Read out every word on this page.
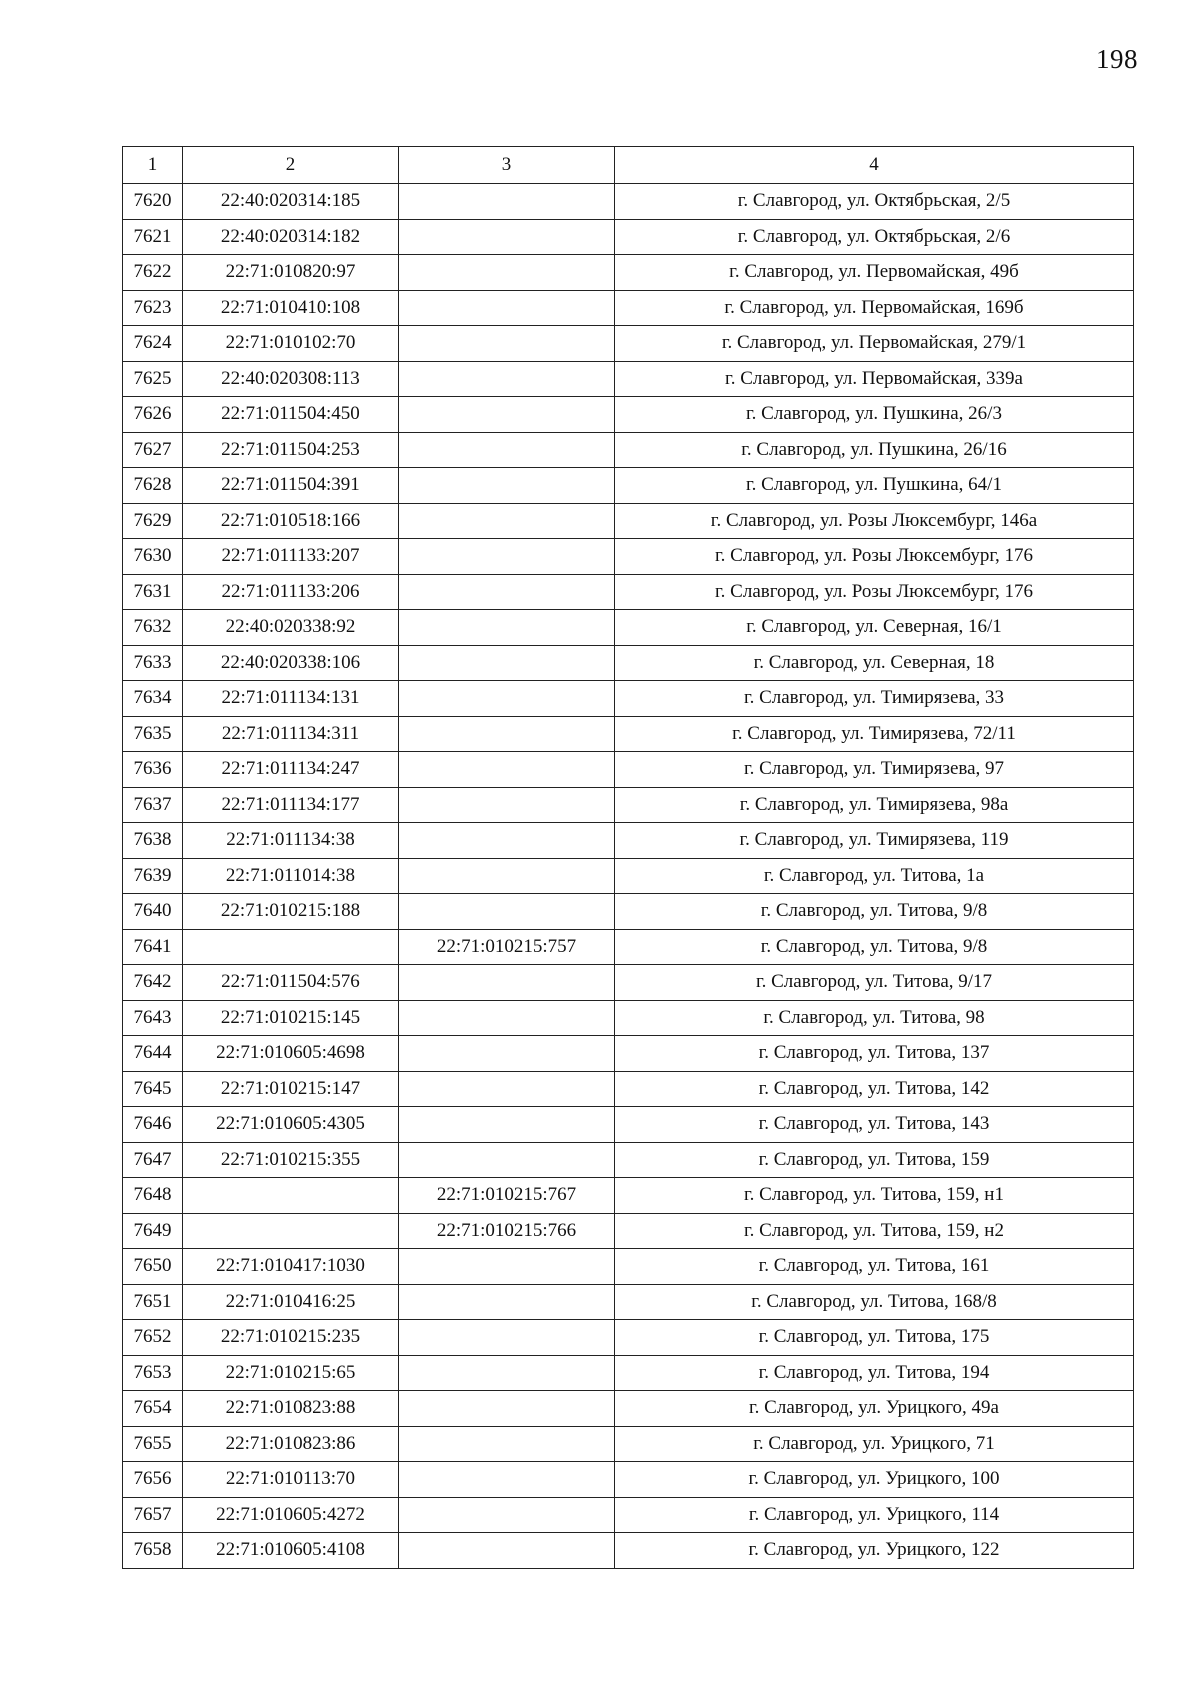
198
1	2	3	4
7620	22:40:020314:185		г. Славгород, ул. Октябрьская, 2/5
7621	22:40:020314:182		г. Славгород, ул. Октябрьская, 2/6
7622	22:71:010820:97		г. Славгород, ул. Первомайская, 49б
7623	22:71:010410:108		г. Славгород, ул. Первомайская, 169б
7624	22:71:010102:70		г. Славгород, ул. Первомайская, 279/1
7625	22:40:020308:113		г. Славгород, ул. Первомайская, 339а
7626	22:71:011504:450		г. Славгород, ул. Пушкина, 26/3
7627	22:71:011504:253		г. Славгород, ул. Пушкина, 26/16
7628	22:71:011504:391		г. Славгород, ул. Пушкина, 64/1
7629	22:71:010518:166		г. Славгород, ул. Розы Люксембург, 146а
7630	22:71:011133:207		г. Славгород, ул. Розы Люксембург, 176
7631	22:71:011133:206		г. Славгород, ул. Розы Люксембург, 176
7632	22:40:020338:92		г. Славгород, ул. Северная, 16/1
7633	22:40:020338:106		г. Славгород, ул. Северная, 18
7634	22:71:011134:131		г. Славгород, ул. Тимирязева, 33
7635	22:71:011134:311		г. Славгород, ул. Тимирязева, 72/11
7636	22:71:011134:247		г. Славгород, ул. Тимирязева, 97
7637	22:71:011134:177		г. Славгород, ул. Тимирязева, 98а
7638	22:71:011134:38		г. Славгород, ул. Тимирязева, 119
7639	22:71:011014:38		г. Славгород, ул. Титова, 1а
7640	22:71:010215:188		г. Славгород, ул. Титова, 9/8
7641		22:71:010215:757	г. Славгород, ул. Титова, 9/8
7642	22:71:011504:576		г. Славгород, ул. Титова, 9/17
7643	22:71:010215:145		г. Славгород, ул. Титова, 98
7644	22:71:010605:4698		г. Славгород, ул. Титова, 137
7645	22:71:010215:147		г. Славгород, ул. Титова, 142
7646	22:71:010605:4305		г. Славгород, ул. Титова, 143
7647	22:71:010215:355		г. Славгород, ул. Титова, 159
7648		22:71:010215:767	г. Славгород, ул. Титова, 159, н1
7649		22:71:010215:766	г. Славгород, ул. Титова, 159, н2
7650	22:71:010417:1030		г. Славгород, ул. Титова, 161
7651	22:71:010416:25		г. Славгород, ул. Титова, 168/8
7652	22:71:010215:235		г. Славгород, ул. Титова, 175
7653	22:71:010215:65		г. Славгород, ул. Титова, 194
7654	22:71:010823:88		г. Славгород, ул. Урицкого, 49а
7655	22:71:010823:86		г. Славгород, ул. Урицкого, 71
7656	22:71:010113:70		г. Славгород, ул. Урицкого, 100
7657	22:71:010605:4272		г. Славгород, ул. Урицкого, 114
7658	22:71:010605:4108		г. Славгород, ул. Урицкого, 122
